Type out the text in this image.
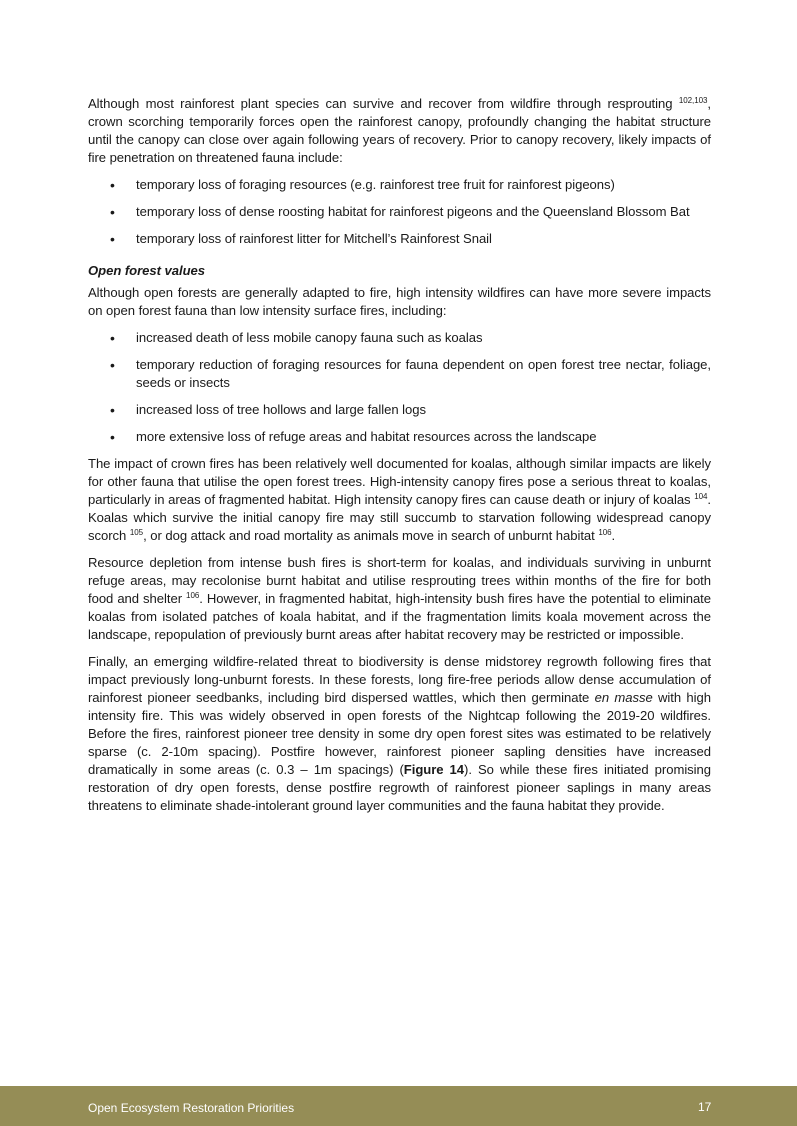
Although most rainforest plant species can survive and recover from wildfire through resprouting $^{102,103}$, crown scorching temporarily forces open the rainforest canopy, profoundly changing the habitat structure until the canopy can close over again following years of recovery. Prior to canopy recovery, likely impacts of fire penetration on threatened fauna include:

• temporary loss of foraging resources (e.g. rainforest tree fruit for rainforest pigeons)
• temporary loss of dense roosting habitat for rainforest pigeons and the Queensland Blossom Bat
• temporary loss of rainforest litter for Mitchell’s Rainforest Snail

Open forest values

Although open forests are generally adapted to fire, high intensity wildfires can have more severe impacts on open forest fauna than low intensity surface fires, including:

• increased death of less mobile canopy fauna such as koalas
• temporary reduction of foraging resources for fauna dependent on open forest tree nectar, foliage, seeds or insects
• increased loss of tree hollows and large fallen logs
• more extensive loss of refuge areas and habitat resources across the landscape

The impact of crown fires has been relatively well documented for koalas, although similar impacts are likely for other fauna that utilise the open forest trees. High-intensity canopy fires pose a serious threat to koalas, particularly in areas of fragmented habitat. High intensity canopy fires can cause death or injury of koalas $^{104}$. Koalas which survive the initial canopy fire may still succumb to starvation following widespread canopy scorch $^{105}$, or dog attack and road mortality as animals move in search of unburnt habitat $^{106}$.

Resource depletion from intense bush fires is short-term for koalas, and individuals surviving in unburnt refuge areas, may recolonise burnt habitat and utilise resprouting trees within months of the fire for both food and shelter $^{106}$. However, in fragmented habitat, high-intensity bush fires have the potential to eliminate koalas from isolated patches of koala habitat, and if the fragmentation limits koala movement across the landscape, repopulation of previously burnt areas after habitat recovery may be restricted or impossible.

Finally, an emerging wildfire-related threat to biodiversity is dense midstorey regrowth following fires that impact previously long-unburnt forests. In these forests, long fire-free periods allow dense accumulation of rainforest pioneer seedbanks, including bird dispersed wattles, which then germinate en masse with high intensity fire. This was widely observed in open forests of the Nightcap following the 2019-20 wildfires. Before the fires, rainforest pioneer tree density in some dry open forest sites was estimated to be relatively sparse (c. 2-10m spacing). Postfire however, rainforest pioneer sapling densities have increased dramatically in some areas (c. 0.3 – 1m spacings) (Figure 14). So while these fires initiated promising restoration of dry open forests, dense postfire regrowth of rainforest pioneer saplings in many areas threatens to eliminate shade-intolerant ground layer communities and the fauna habitat they provide.

Open Ecosystem Restoration Priorities	17
